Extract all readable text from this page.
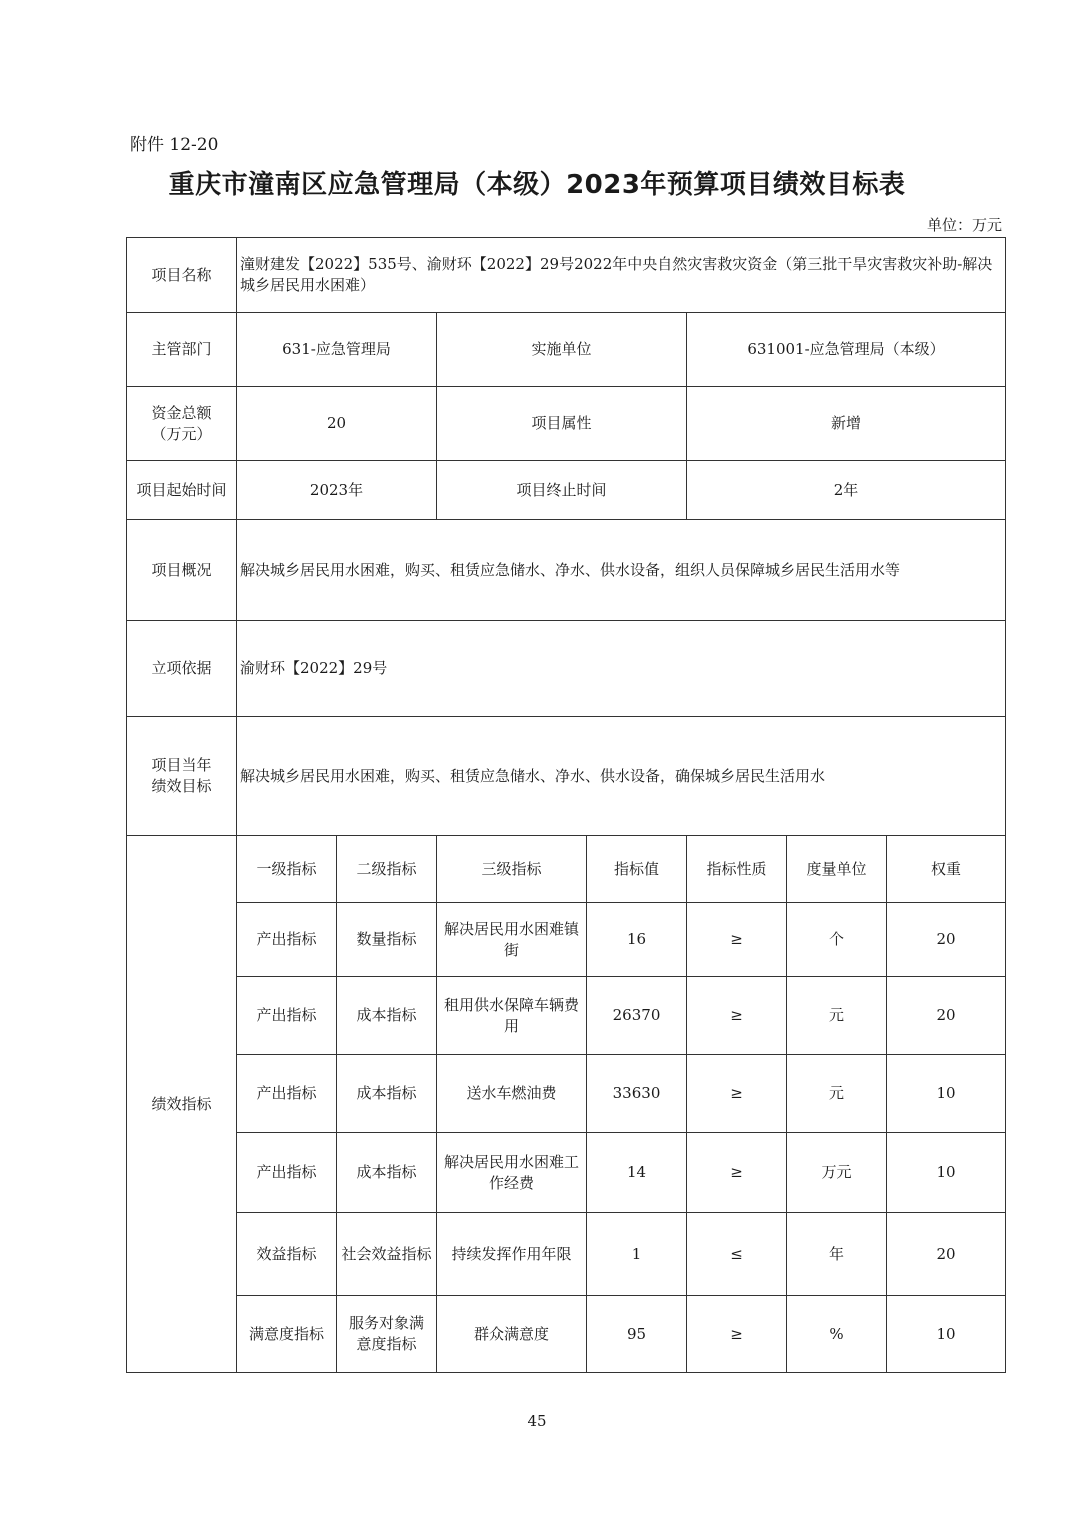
附件 12-20
重庆市潼南区应急管理局（本级）2023年预算项目绩效目标表
单位：万元
项目名称	潼财建发【2022】535号、渝财环【2022】29号2022年中央自然灾害救灾资金（第三批干旱灾害救灾补助-解决城乡居民用水困难）						
主管部门	631-应急管理局		实施单位		631001-应急管理局（本级）		
资金总额（万元）	20		项目属性		新增		
项目起始时间	2023年		项目终止时间		2年		
项目概况	解决城乡居民用水困难，购买、租赁应急储水、净水、供水设备，组织人员保障城乡居民生活用水等						
立项依据	渝财环【2022】29号						
项目当年绩效目标	解决城乡居民用水困难，购买、租赁应急储水、净水、供水设备，确保城乡居民生活用水						
绩效指标	一级指标	二级指标	三级指标	指标值	指标性质	度量单位	权重
	产出指标	数量指标	解决居民用水困难镇街	16	≥	个	20
	产出指标	成本指标	租用供水保障车辆费用	26370	≥	元	20
	产出指标	成本指标	送水车燃油费	33630	≥	元	10
	产出指标	成本指标	解决居民用水困难工作经费	14	≥	万元	10
	效益指标	社会效益指标	持续发挥作用年限	1	≤	年	20
	满意度指标	服务对象满意度指标	群众满意度	95	≥	%	10
45
